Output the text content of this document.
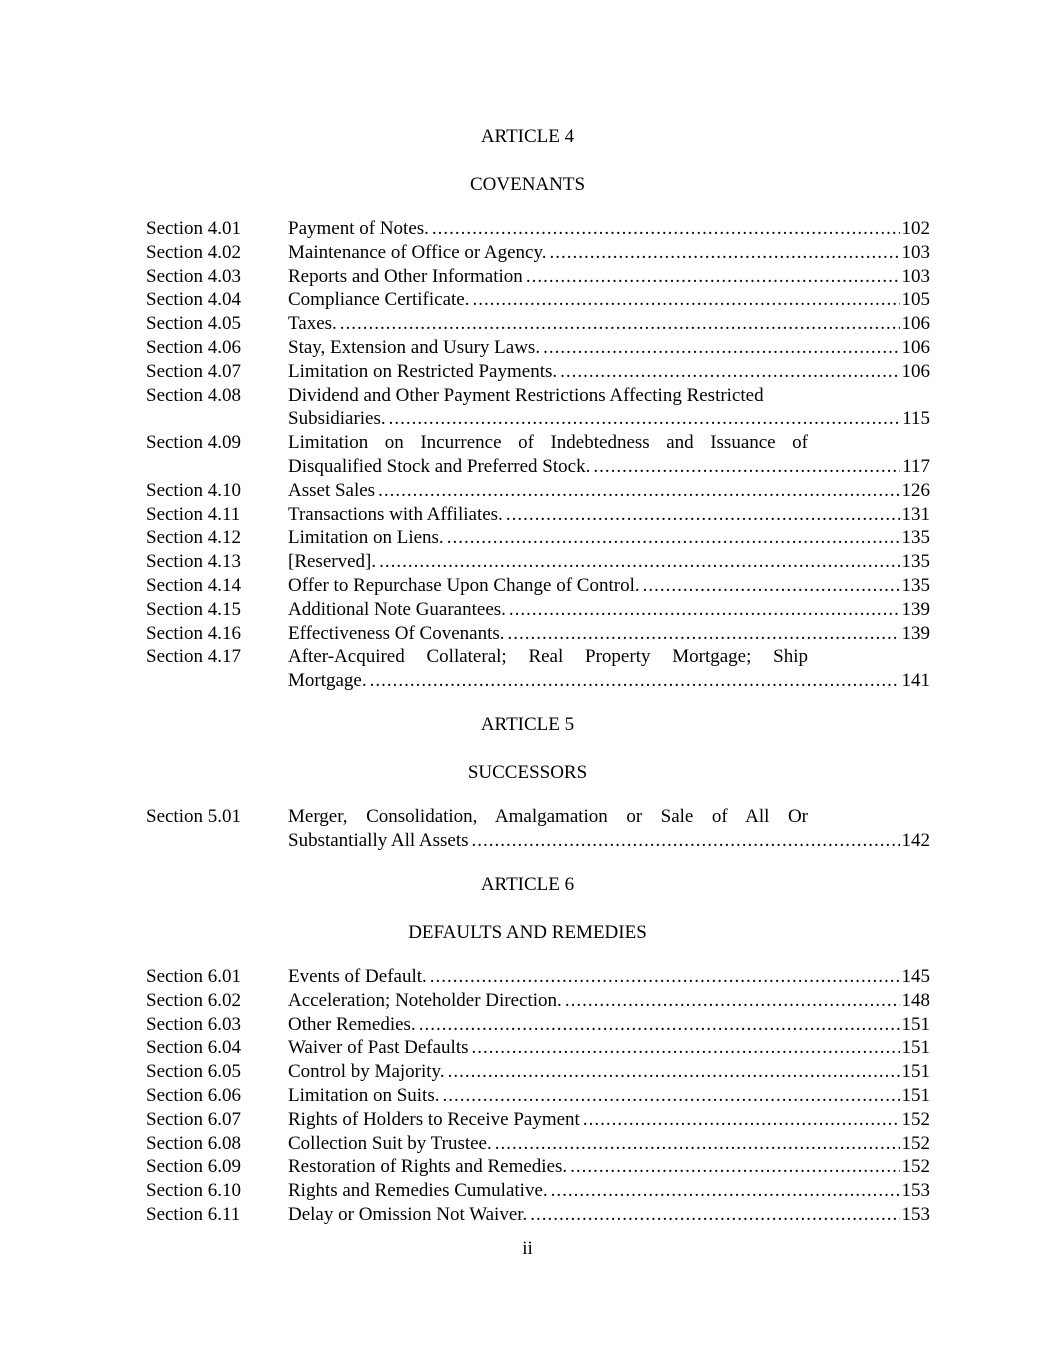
ARTICLE 4
COVENANTS
Section 4.01 Payment of Notes. .....	102
Section 4.02 Maintenance of Office or Agency. .....	103
Section 4.03 Reports and Other Information .....	103
Section 4.04 Compliance Certificate. .....	105
Section 4.05 Taxes. .....	106
Section 4.06 Stay, Extension and Usury Laws. .....	106
Section 4.07 Limitation on Restricted Payments. .....	106
Section 4.08 Dividend and Other Payment Restrictions Affecting Restricted
Subsidiaries. .....	115
Section 4.09 Limitation on Incurrence of Indebtedness and Issuance of
Disqualified Stock and Preferred Stock. .....	117
Section 4.10 Asset Sales .....	126
Section 4.11	Transactions with Affiliates. .....	131
Section 4.12 Limitation on Liens. .....	135
Section 4.13 [Reserved]. .....	135
Section 4.14 Offer to Repurchase Upon Change of Control. .....	135
Section 4.15 Additional Note Guarantees. .....	139
Section 4.16 Effectiveness Of Covenants. .....	139
Section 4.17 After-Acquired Collateral; Real Property Mortgage; Ship
Mortgage. .....	141
ARTICLE 5
SUCCESSORS
Section 5.01 Merger, Consolidation, Amalgamation or Sale of All Or
Substantially All Assets .....	142
ARTICLE 6
DEFAULTS AND REMEDIES
Section 6.01 Events of Default. .....	145
Section 6.02 Acceleration; Noteholder Direction. .....	148
Section 6.03 Other Remedies. .....	151
Section 6.04 Waiver of Past Defaults .....	151
Section 6.05 Control by Majority. .....	151
Section 6.06 Limitation on Suits. .....	151
Section 6.07 Rights of Holders to Receive Payment .....	152
Section 6.08 Collection Suit by Trustee. .....	152
Section 6.09 Restoration of Rights and Remedies. .....	152
Section 6.10 Rights and Remedies Cumulative. .....	153
Section 6.11	Delay or Omission Not Waiver. .....	153
ii
